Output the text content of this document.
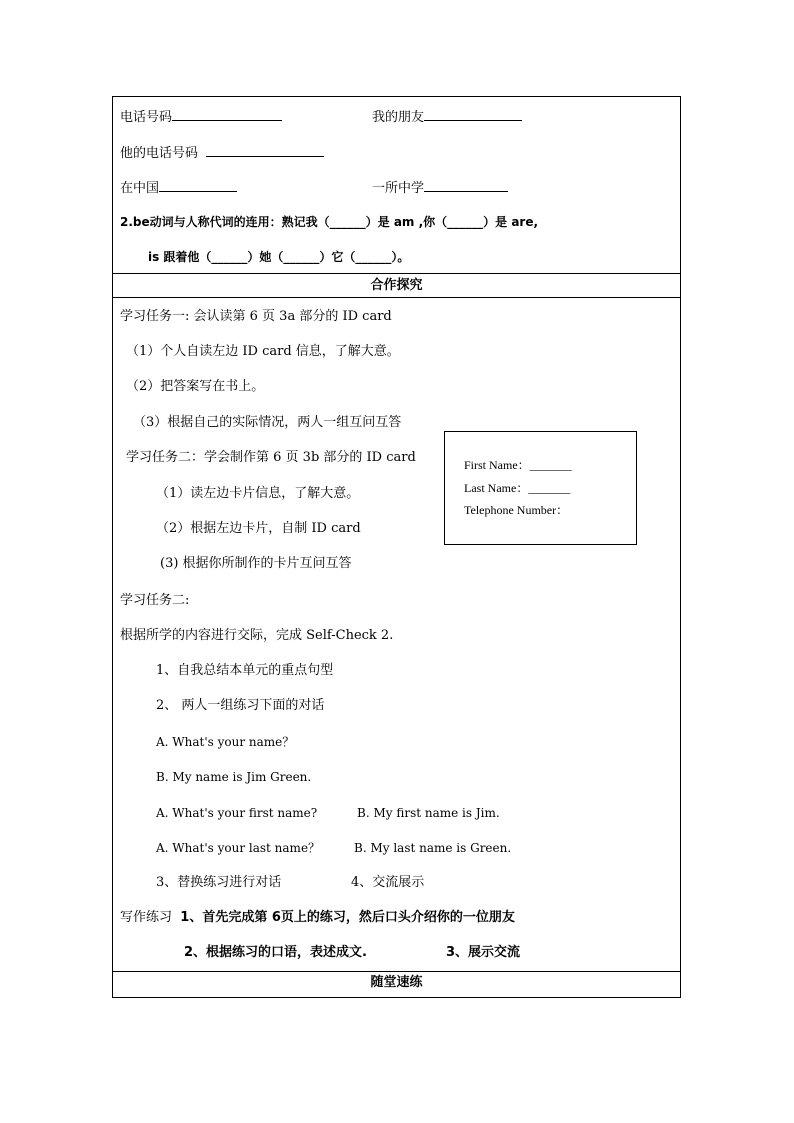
电话号码	我的朋友
他的电话号码
在中国	一所中学
2.be动词与人称代词的连用：熟记我（______）是 am ,你（______）是 are,
is 跟着他（______）她（______）它（______）。
合作探究
学习任务一: 会认读第 6 页 3a 部分的 ID card
（1）个人自读左边 ID card 信息，了解大意。
（2）把答案写在书上。
（3）根据自己的实际情况，两人一组互问互答
学习任务二：学会制作第 6 页 3b 部分的 ID card
（1）读左边卡片信息，了解大意。
（2）根据左边卡片，自制 ID card
(3) 根据你所制作的卡片互问互答
学习任务二:
根据所学的内容进行交际，完成 Self-Check 2.
1、自我总结本单元的重点句型
2、 两人一组练习下面的对话
A. What's your name？
B. My name is Jim Green.
A. What's your first name?	B. My first name is Jim.
A. What's your last name？	B. My last name is Green.
3、替换练习进行对话	4、交流展示
写作练习 1、首先完成第 6页上的练习，然后口头介绍你的一位朋友
2、根据练习的口语，表述成文.	3、展示交流
随堂速练
First Name：_______
Last Name：_______
Telephone Number：
